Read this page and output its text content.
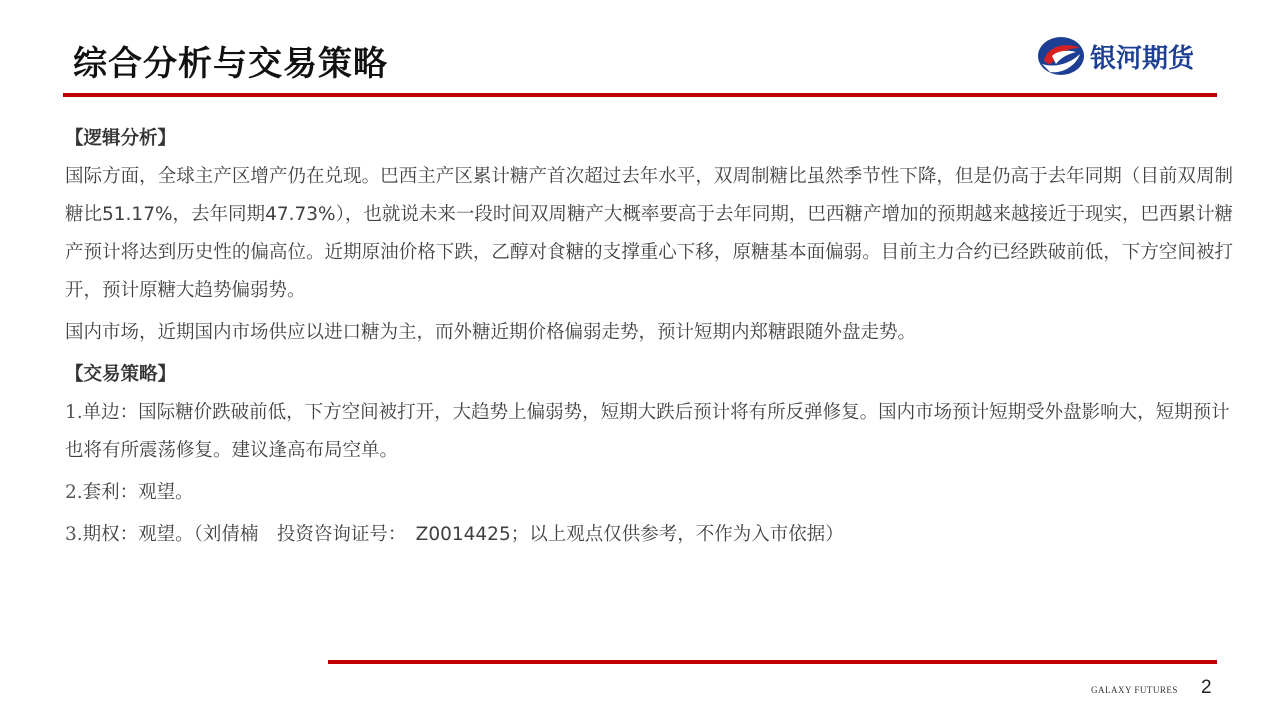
综合分析与交易策略	银河期货
【逻辑分析】

国际方面，全球主产区增产仍在兑现。巴西主产区累计糖产首次超过去年水平，双周制糖比虽然季节性下降，但是仍高于去年同期（目前双周制糖比51.17%，去年同期47.73%），也就说未来一段时间双周糖产大概率要高于去年同期，巴西糖产增加的预期越来越接近于现实，巴西累计糖产预计将达到历史性的偏高位。近期原油价格下跌，乙醇对食糖的支撑重心下移，原糖基本面偏弱。目前主力合约已经跌破前低，下方空间被打开，预计原糖大趋势偏弱势。

国内市场，近期国内市场供应以进口糖为主，而外糖近期价格偏弱走势，预计短期内郑糖跟随外盘走势。

【交易策略】

1.单边：国际糖价跌破前低，下方空间被打开，大趋势上偏弱势，短期大跌后预计将有所反弹修复。国内市场预计短期受外盘影响大，短期预计也将有所震荡修复。建议逢高布局空单。

2.套利：观望。

3.期权：观望。（刘倩楠　投资咨询证号：　Z0014425；以上观点仅供参考，不作为入市依据）

GALAXY FUTURES 2
